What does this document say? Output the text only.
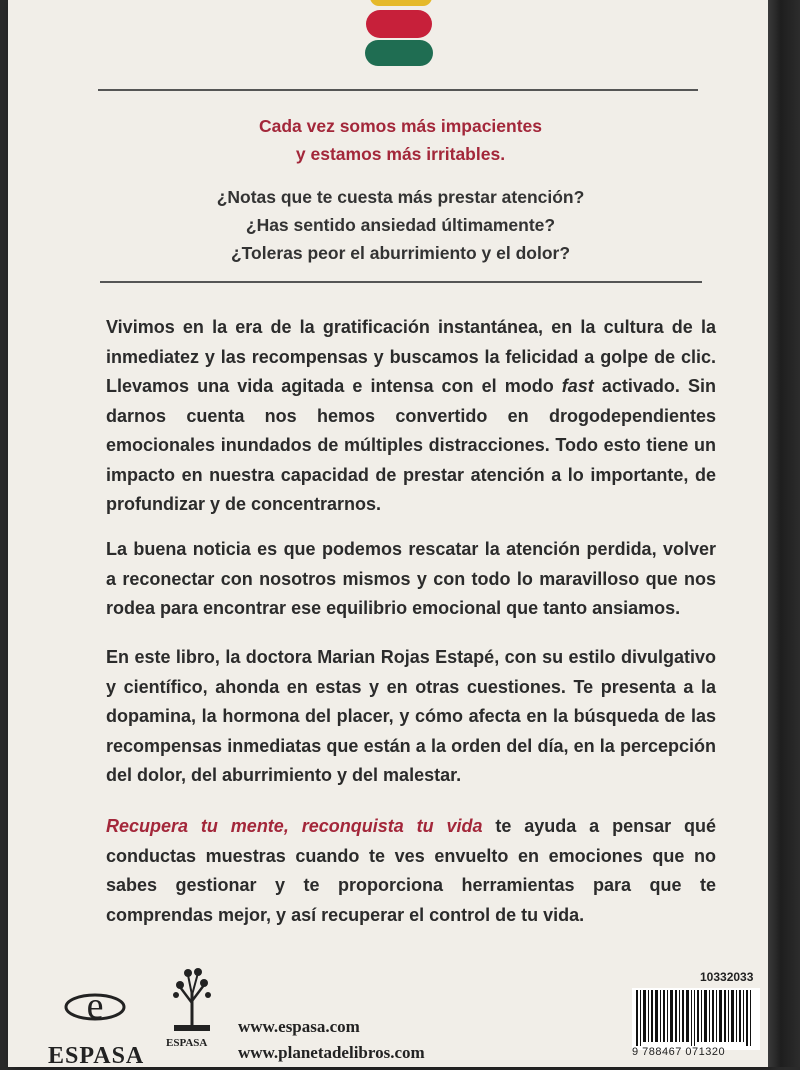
Cada vez somos más impacientes
y estamos más irritables.
¿Notas que te cuesta más prestar atención?
¿Has sentido ansiedad últimamente?
¿Toleras peor el aburrimiento y el dolor?
Vivimos en la era de la gratificación instantánea, en la cultura de la inmediatez y las recompensas y buscamos la felicidad a golpe de clic. Llevamos una vida agitada e intensa con el modo fast activado. Sin darnos cuenta nos hemos convertido en drogodependientes emocionales inundados de múltiples distracciones. Todo esto tiene un impacto en nuestra capacidad de prestar atención a lo importante, de profundizar y de concentrarnos.
La buena noticia es que podemos rescatar la atención perdida, volver a reconectar con nosotros mismos y con todo lo maravilloso que nos rodea para encontrar ese equilibrio emocional que tanto ansiamos.
En este libro, la doctora Marian Rojas Estapé, con su estilo divulgativo y científico, ahonda en estas y en otras cuestiones. Te presenta a la dopamina, la hormona del placer, y cómo afecta en la búsqueda de las recompensas inmediatas que están a la orden del día, en la percepción del dolor, del aburrimiento y del malestar.
Recupera tu mente, reconquista tu vida te ayuda a pensar qué conductas muestras cuando te ves envuelto en emociones que no sabes gestionar y te proporciona herramientas para que te comprendas mejor, y así recuperar el control de tu vida.
e
ESPASA ESPASA
www.espasa.com
www.planetadelibros.com
10332033
9 788467 071320
